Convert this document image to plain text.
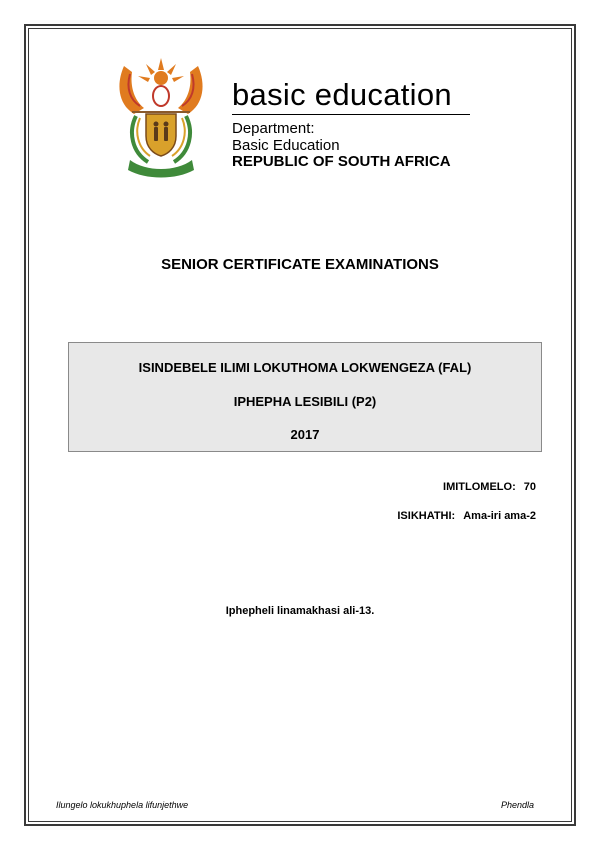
basic education
Department:
Basic Education
REPUBLIC OF SOUTH AFRICA
SENIOR CERTIFICATE EXAMINATIONS
ISINDEBELE ILIMI LOKUTHOMA LOKWENGEZA (FAL)
IPHEPHA LESIBILI (P2)
2017
IMITLOMELO: 70
ISIKHATHI: Ama-iri ama-2
Iphepheli linamakhasi ali-13.
Ilungelo lokukhuphela lifunjethwe	Phendla
